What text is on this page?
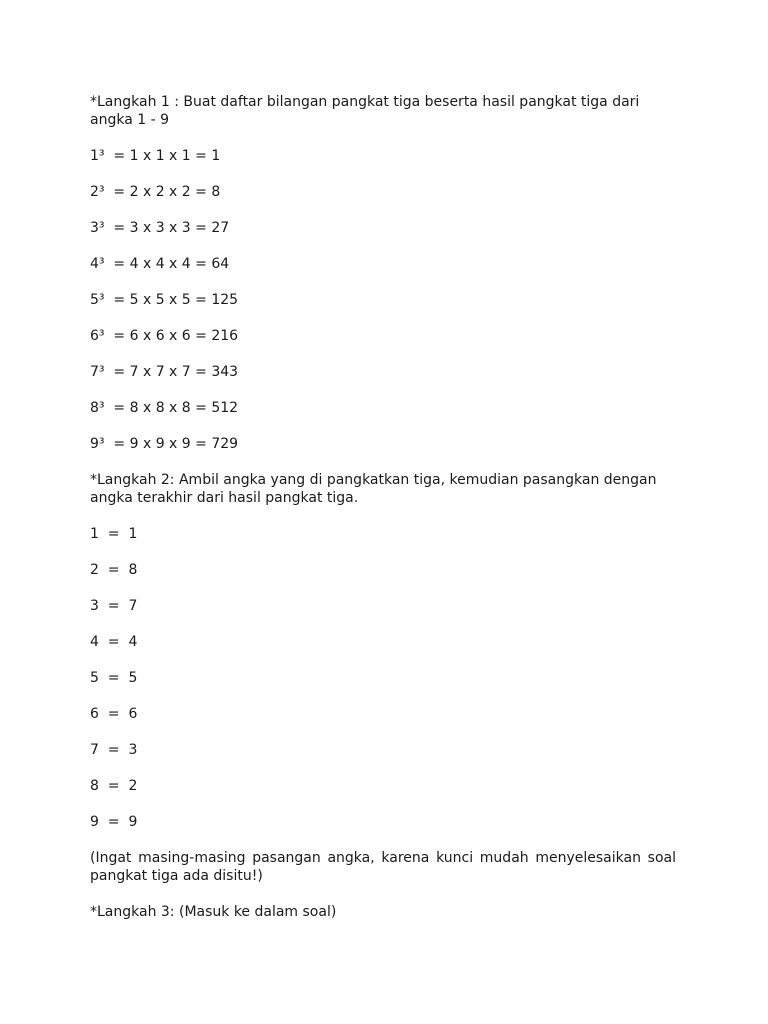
*Langkah 1 : Buat daftar bilangan pangkat tiga beserta hasil pangkat tiga dari angka 1 - 9

1³  = 1 x 1 x 1 = 1
2³  = 2 x 2 x 2 = 8
3³  = 3 x 3 x 3 = 27
4³  = 4 x 4 x 4 = 64
5³  = 5 x 5 x 5 = 125
6³  = 6 x 6 x 6 = 216
7³  = 7 x 7 x 7 = 343
8³  = 8 x 8 x 8 = 512
9³  = 9 x 9 x 9 = 729

*Langkah 2: Ambil angka yang di pangkatkan tiga, kemudian pasangkan dengan angka terakhir dari hasil pangkat tiga.

1  =  1
2  =  8
3  =  7
4  =  4
5  =  5
6  =  6
7  =  3
8  =  2
9  =  9

(Ingat masing-masing pasangan angka, karena kunci mudah menyelesaikan soal pangkat tiga ada disitu!)

*Langkah 3: (Masuk ke dalam soal)
